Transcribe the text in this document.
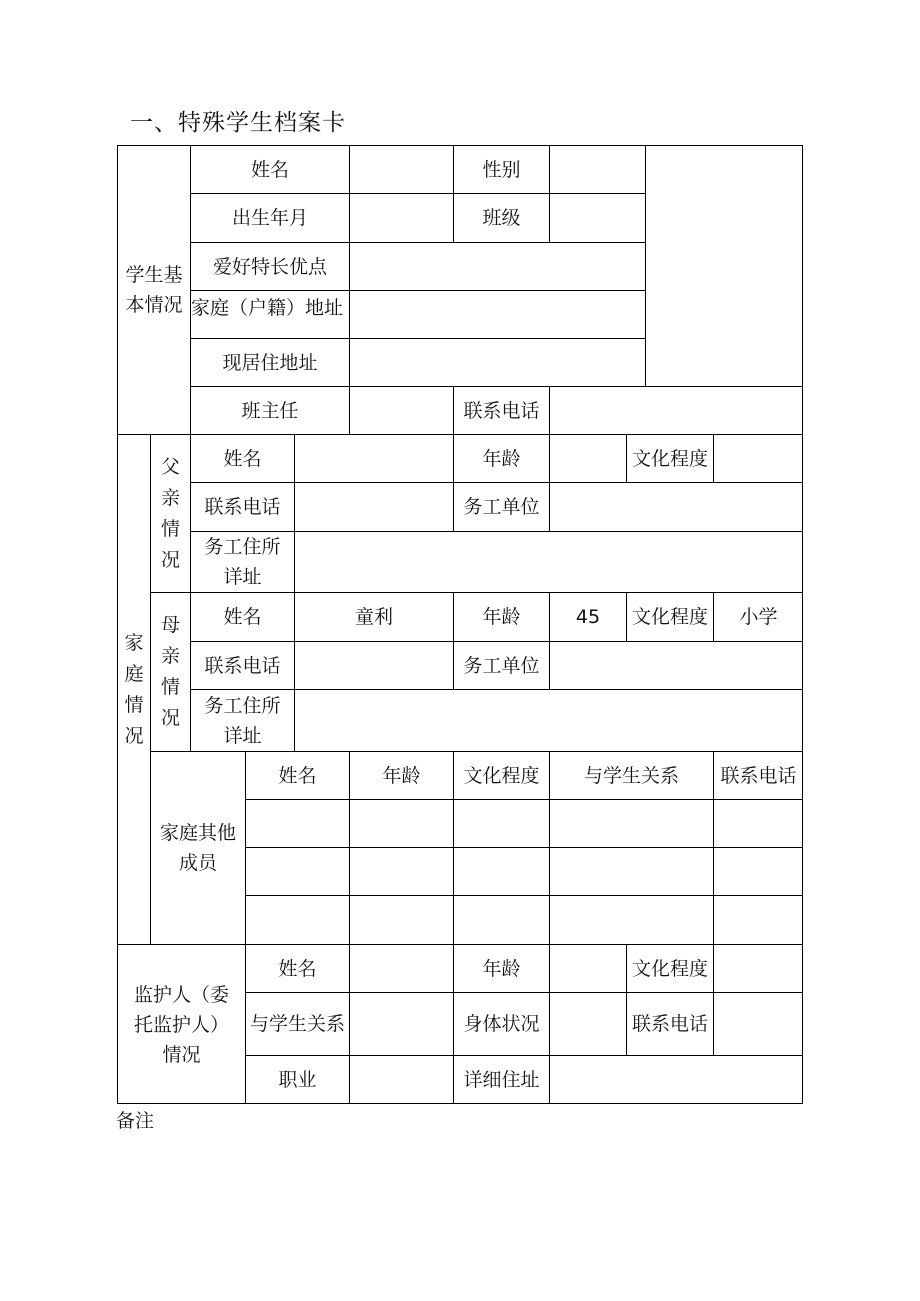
一、特殊学生档案卡
学生基本情况
姓名	性别
出生年月	班级
爱好特长优点
家庭（户籍）地址
现居住地址
班主任	联系电话
家庭情况
父亲情况
姓名	年龄	文化程度
联系电话	务工单位
务工住所详址
母亲情况
姓名	童利	年龄	45	文化程度	小学
联系电话	务工单位
务工住所详址
家庭其他成员
姓名	年龄	文化程度	与学生关系	联系电话
监护人（委托监护人）情况
姓名	年龄	文化程度
与学生关系	身体状况	联系电话
职业	详细住址
备注
